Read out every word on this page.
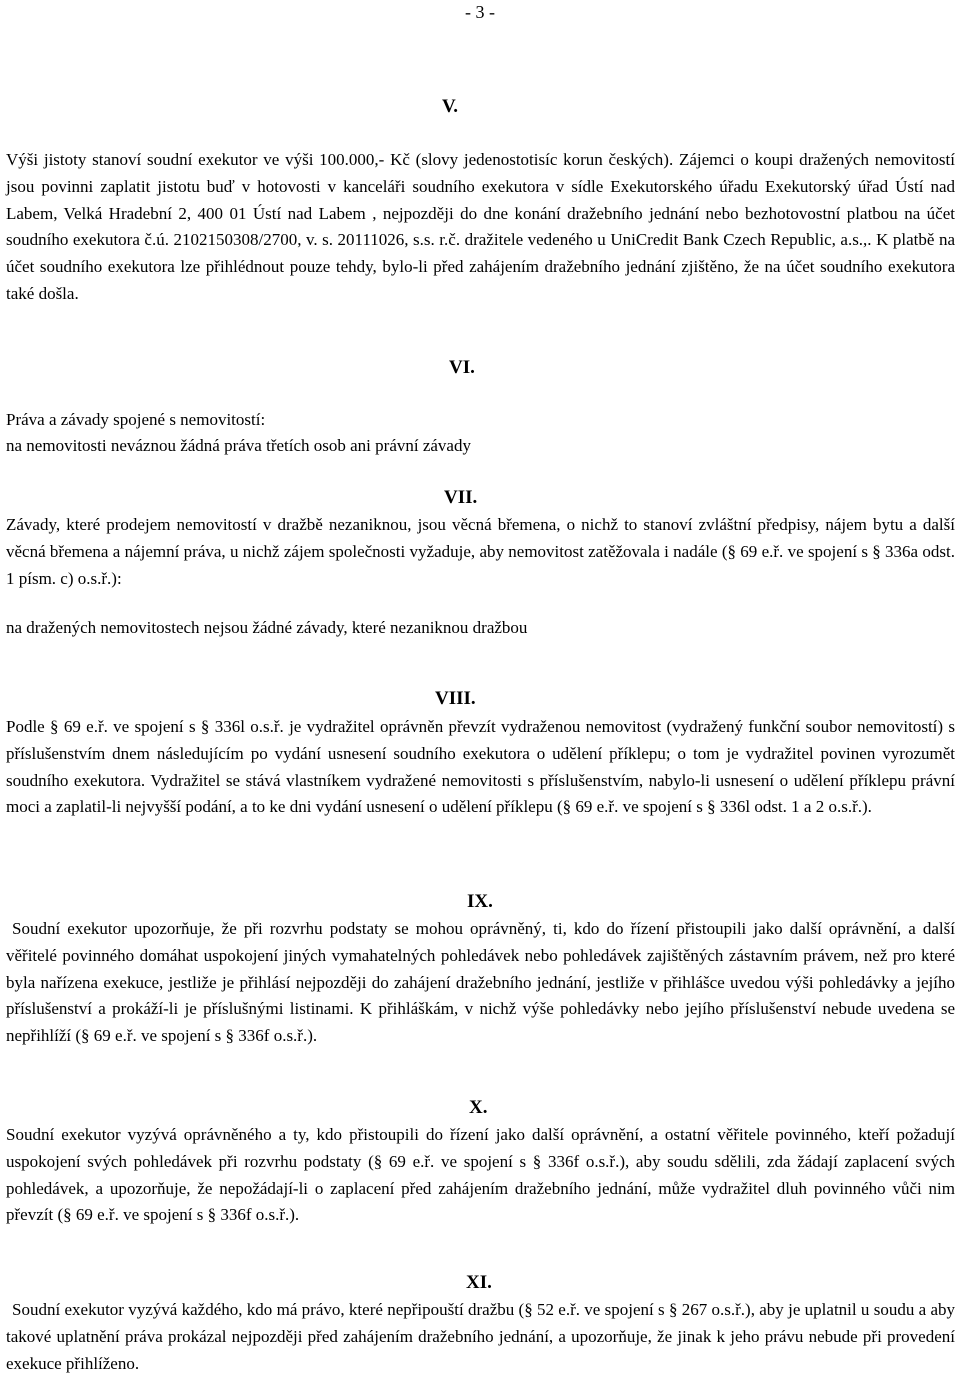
- 3 -
V.
Výši jistoty stanoví soudní exekutor ve výši 100.000,- Kč (slovy jedenostotisíc korun českých). Zájemci o koupi dražených nemovitostí jsou povinni zaplatit jistotu buď v hotovosti v kanceláři soudního exekutora v sídle Exekutorského úřadu Exekutorský úřad Ústí nad Labem, Velká Hradební 2, 400 01 Ústí nad Labem , nejpozději do dne konání dražebního jednání nebo bezhotovostní platbou na účet soudního exekutora č.ú. 2102150308/2700, v. s. 20111026, s.s. r.č. dražitele vedeného u UniCredit Bank Czech Republic, a.s.,. K platbě na účet soudního exekutora lze přihlédnout pouze tehdy, bylo-li před zahájením dražebního jednání zjištěno, že na účet soudního exekutora také došla.
VI.
Práva a závady spojené s nemovitostí:
na nemovitosti neváznou žádná práva třetích osob ani právní závady
VII.
Závady, které prodejem nemovitostí v dražbě nezaniknou, jsou věcná břemena, o nichž to stanoví zvláštní předpisy, nájem bytu a další věcná břemena a nájemní práva, u nichž zájem společnosti vyžaduje, aby nemovitost zatěžovala i nadále (§ 69 e.ř. ve spojení s § 336a odst. 1 písm. c) o.s.ř.):
na dražených nemovitostech nejsou žádné závady, které nezaniknou dražbou
VIII.
Podle § 69 e.ř. ve spojení s § 336l o.s.ř. je vydražitel oprávněn převzít vydraženou nemovitost (vydražený funkční soubor nemovitostí) s příslušenstvím dnem následujícím po vydání usnesení soudního exekutora o udělení příklepu; o tom je vydražitel povinen vyrozumět soudního exekutora. Vydražitel se stává vlastníkem vydražené nemovitosti s příslušenstvím, nabylo-li usnesení o udělení příklepu právní moci a zaplatil-li nejvyšší podání, a to ke dni vydání usnesení o udělení příklepu (§ 69 e.ř. ve spojení s § 336l odst. 1 a 2 o.s.ř.).
IX.
Soudní exekutor upozorňuje, že při rozvrhu podstaty se mohou oprávněný, ti, kdo do řízení přistoupili jako další oprávnění, a další věřitelé povinného domáhat uspokojení jiných vymahatelných pohledávek nebo pohledávek zajištěných zástavním právem, než pro které byla nařízena exekuce, jestliže je přihlásí nejpozději do zahájení dražebního jednání, jestliže v přihlášce uvedou výši pohledávky a jejího příslušenství a prokáží-li je příslušnými listinami. K přihláškám, v nichž výše pohledávky nebo jejího příslušenství nebude uvedena se nepřihlíží (§ 69 e.ř. ve spojení s § 336f o.s.ř.).
X.
Soudní exekutor vyzývá oprávněného a ty, kdo přistoupili do řízení jako další oprávnění, a ostatní věřitele povinného, kteří požadují uspokojení svých pohledávek při rozvrhu podstaty (§ 69 e.ř. ve spojení s § 336f o.s.ř.), aby soudu sdělili, zda žádají zaplacení svých pohledávek, a upozorňuje, že nepožádají-li o zaplacení před zahájením dražebního jednání, může vydražitel dluh povinného vůči nim převzít (§ 69 e.ř. ve spojení s § 336f o.s.ř.).
XI.
Soudní exekutor vyzývá každého, kdo má právo, které nepřipouští dražbu (§ 52 e.ř. ve spojení s § 267 o.s.ř.), aby je uplatnil u soudu a aby takové uplatnění práva prokázal nejpozději před zahájením dražebního jednání, a upozorňuje, že jinak k jeho právu nebude při provedení exekuce přihlíženo.
